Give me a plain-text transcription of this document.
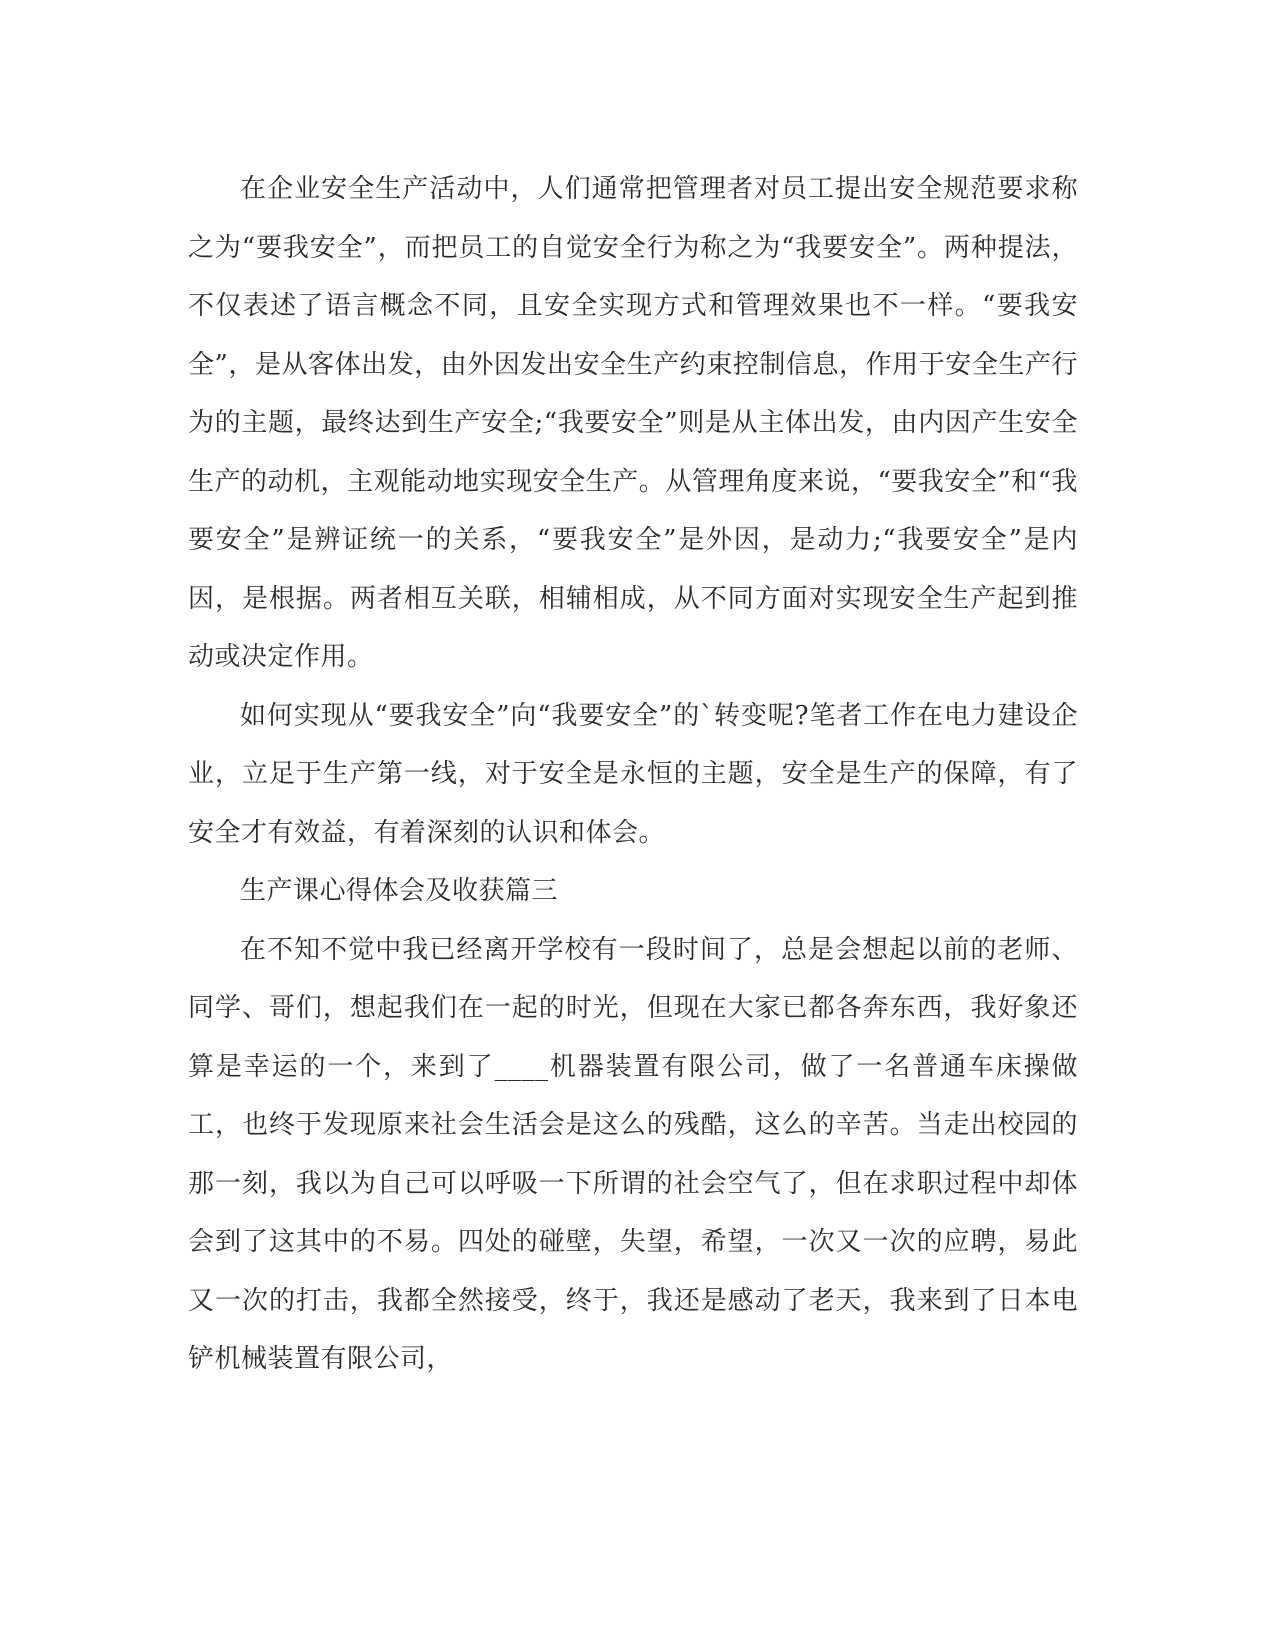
在企业安全生产活动中，人们通常把管理者对员工提出安全规范要求称之为“要我安全”，而把员工的自觉安全行为称之为“我要安全”。两种提法，不仅表述了语言概念不同，且安全实现方式和管理效果也不一样。“要我安全”，是从客体出发，由外因发出安全生产约束控制信息，作用于安全生产行为的主题，最终达到生产安全;“我要安全”则是从主体出发，由内因产生安全生产的动机，主观能动地实现安全生产。从管理角度来说，“要我安全”和“我要安全”是辨证统一的关系，“要我安全”是外因，是动力;“我要安全”是内因，是根据。两者相互关联，相辅相成，从不同方面对实现安全生产起到推动或决定作用。

如何实现从“要我安全”向“我要安全”的`转变呢?笔者工作在电力建设企业，立足于生产第一线，对于安全是永恒的主题，安全是生产的保障，有了安全才有效益，有着深刻的认识和体会。

生产课心得体会及收获篇三

在不知不觉中我已经离开学校有一段时间了，总是会想起以前的老师、同学、哥们，想起我们在一起的时光，但现在大家已都各奔东西，我好象还算是幸运的一个，来到了____机器装置有限公司，做了一名普通车床操做工，也终于发现原来社会生活会是这么的残酷，这么的辛苦。当走出校园的那一刻，我以为自己可以呼吸一下所谓的社会空气了，但在求职过程中却体会到了这其中的不易。四处的碰壁，失望，希望，一次又一次的应聘，易此又一次的打击，我都全然接受，终于，我还是感动了老天，我来到了日本电铲机械装置有限公司，
